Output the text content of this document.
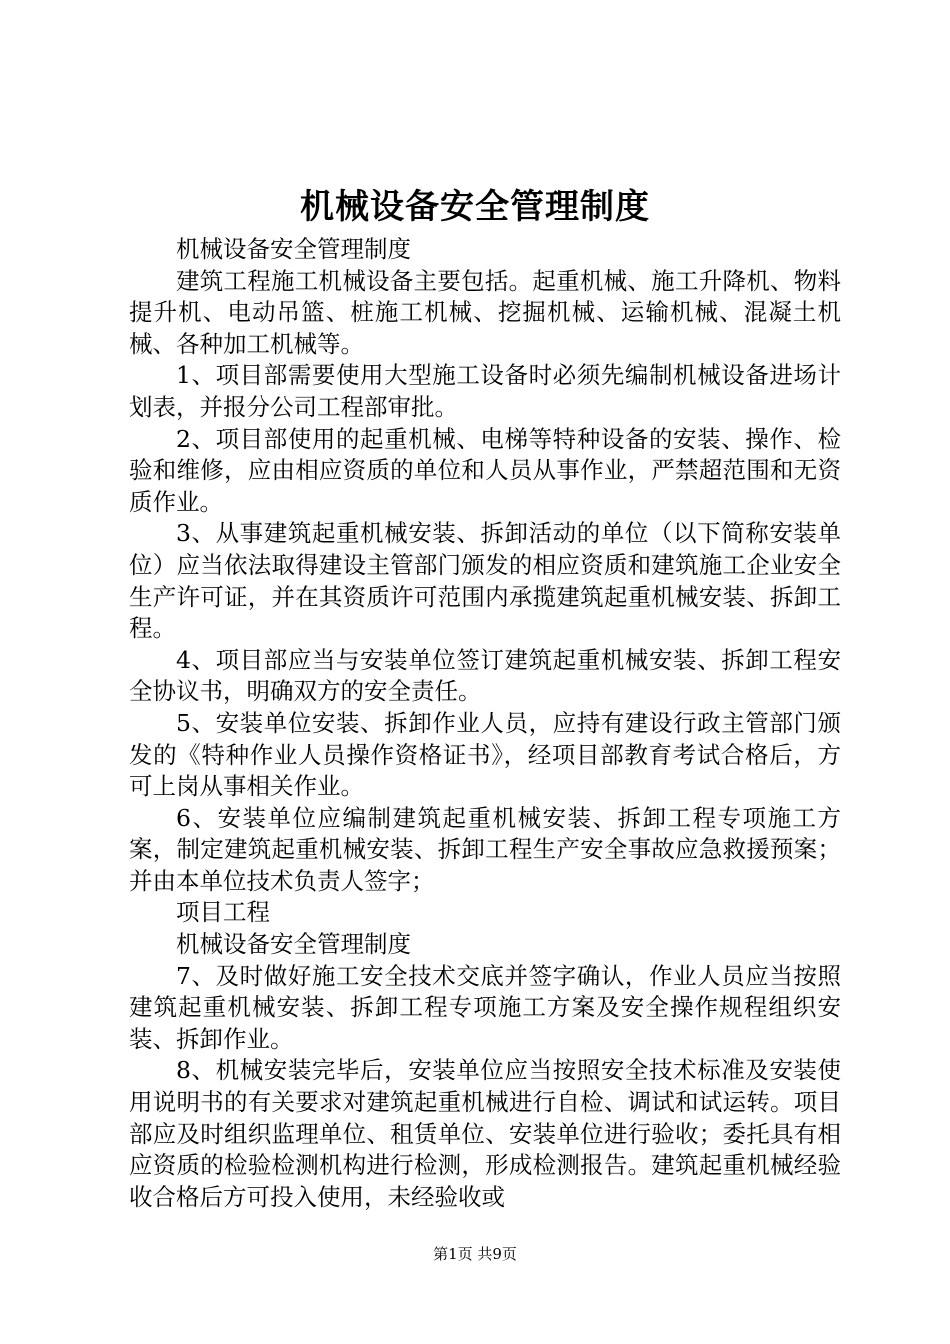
机械设备安全管理制度

机械设备安全管理制度

建筑工程施工机械设备主要包括。起重机械、施工升降机、物料提升机、电动吊篮、桩施工机械、挖掘机械、运输机械、混凝土机械、各种加工机械等。

1、项目部需要使用大型施工设备时必须先编制机械设备进场计划表，并报分公司工程部审批。

2、项目部使用的起重机械、电梯等特种设备的安装、操作、检验和维修，应由相应资质的单位和人员从事作业，严禁超范围和无资质作业。

3、从事建筑起重机械安装、拆卸活动的单位（以下简称安装单位）应当依法取得建设主管部门颁发的相应资质和建筑施工企业安全生产许可证，并在其资质许可范围内承揽建筑起重机械安装、拆卸工程。

4、项目部应当与安装单位签订建筑起重机械安装、拆卸工程安全协议书，明确双方的安全责任。

5、安装单位安装、拆卸作业人员，应持有建设行政主管部门颁发的《特种作业人员操作资格证书》，经项目部教育考试合格后，方可上岗从事相关作业。

6、安装单位应编制建筑起重机械安装、拆卸工程专项施工方案，制定建筑起重机械安装、拆卸工程生产安全事故应急救援预案；并由本单位技术负责人签字；

项目工程

机械设备安全管理制度

7、及时做好施工安全技术交底并签字确认，作业人员应当按照建筑起重机械安装、拆卸工程专项施工方案及安全操作规程组织安装、拆卸作业。

8、机械安装完毕后，安装单位应当按照安全技术标准及安装使用说明书的有关要求对建筑起重机械进行自检、调试和试运转。项目部应及时组织监理单位、租赁单位、安装单位进行验收；委托具有相应资质的检验检测机构进行检测，形成检测报告。建筑起重机械经验收合格后方可投入使用，未经验收或

第1页 共9页
